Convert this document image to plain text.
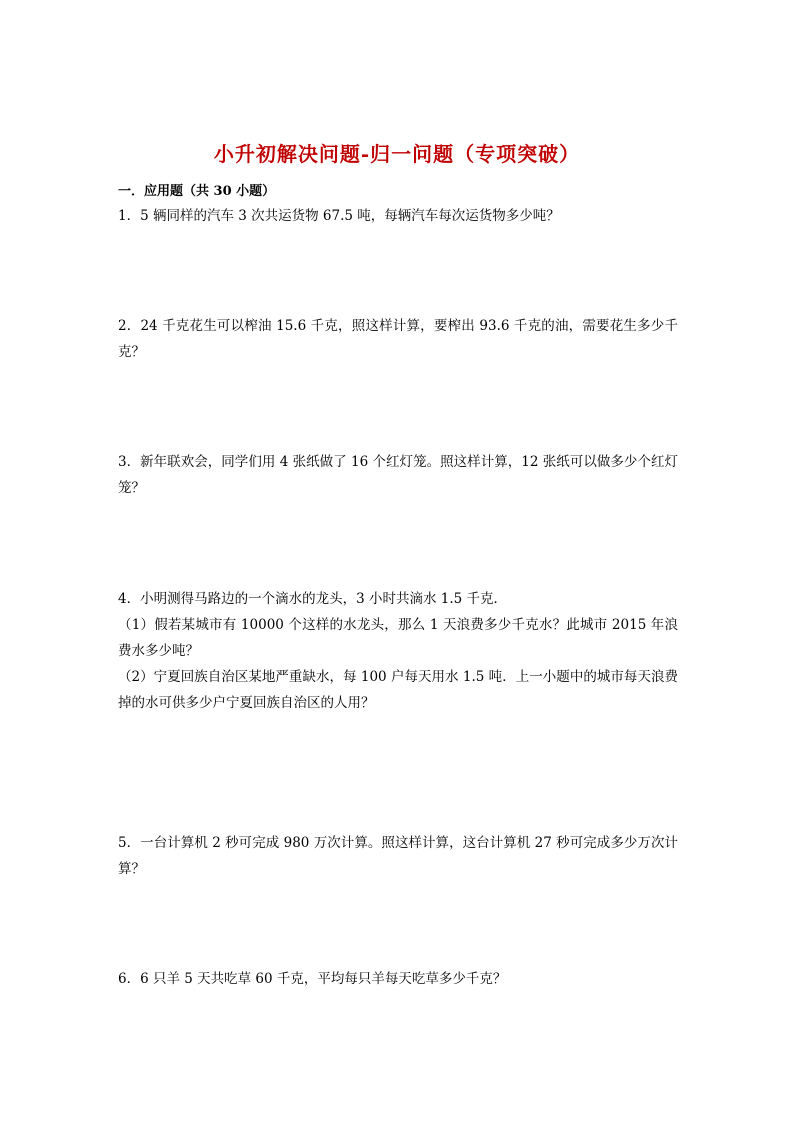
小升初解决问题-归一问题（专项突破）
一．应用题（共 30 小题）
1．5 辆同样的汽车 3 次共运货物 67.5 吨，每辆汽车每次运货物多少吨？
2．24 千克花生可以榨油 15.6 千克，照这样计算，要榨出 93.6 千克的油，需要花生多少千克？
3．新年联欢会，同学们用 4 张纸做了 16 个红灯笼。照这样计算，12 张纸可以做多少个红灯笼？
4．小明测得马路边的一个滴水的龙头，3 小时共滴水 1.5 千克．
（1）假若某城市有 10000 个这样的水龙头，那么 1 天浪费多少千克水？此城市 2015 年浪费水多少吨？
（2）宁夏回族自治区某地严重缺水，每 100 户每天用水 1.5 吨．上一小题中的城市每天浪费掉的水可供多少户宁夏回族自治区的人用？
5．一台计算机 2 秒可完成 980 万次计算。照这样计算，这台计算机 27 秒可完成多少万次计算？
6．6 只羊 5 天共吃草 60 千克，平均每只羊每天吃草多少千克？
